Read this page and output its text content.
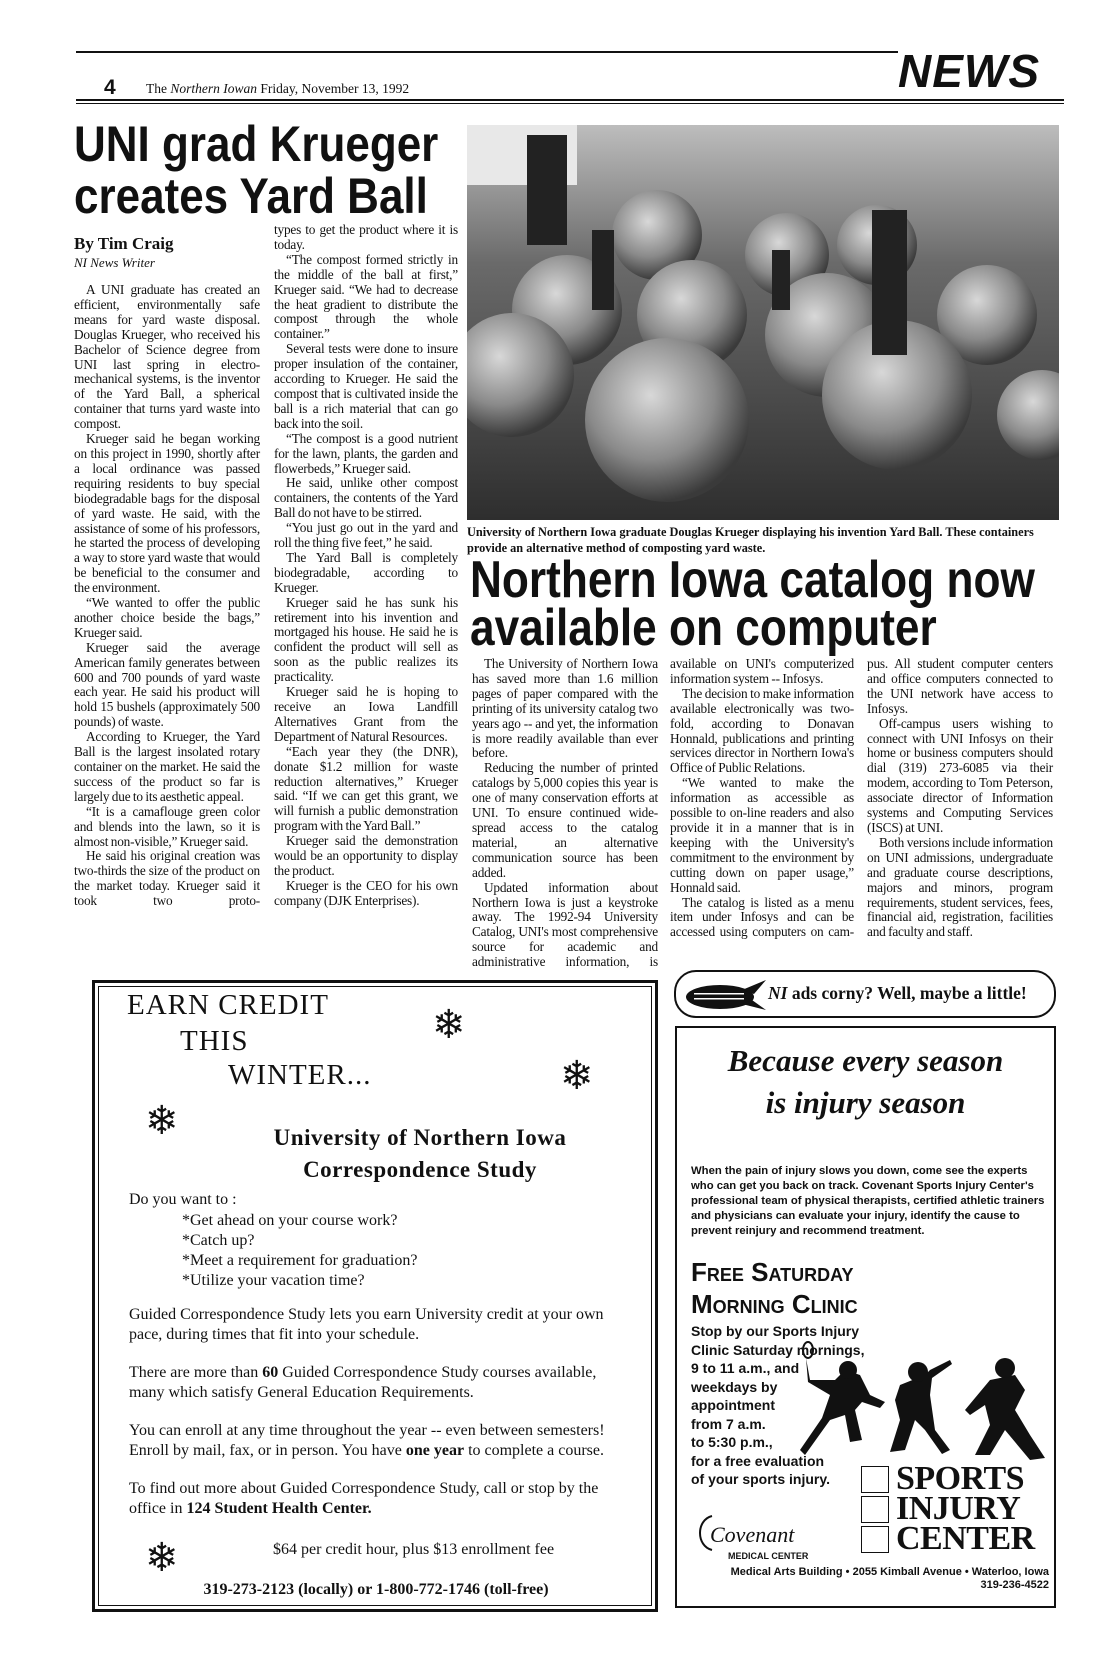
4 The Northern Iowan Friday, November 13, 1992	NEWS
UNI grad Krueger creates Yard Ball
By Tim Craig
NI News Writer

A UNI graduate has created an efficient, environmentally safe means for yard waste disposal. Douglas Krueger, who received his Bachelor of Science degree from UNI last spring in electro-mechanical systems, is the inventor of the Yard Ball, a spherical container that turns yard waste into compost.

Krueger said he began working on this project in 1990, shortly after a local ordinance was passed requiring residents to buy special biodegradable bags for the disposal of yard waste. He said, with the assistance of some of his professors, he started the process of developing a way to store yard waste that would be beneficial to the consumer and the environment.

“We wanted to offer the public another choice beside the bags,” Krueger said.

Krueger said the average American family generates between 600 and 700 pounds of yard waste each year. He said his product will hold 15 bushels (approximately 500 pounds) of waste.

According to Krueger, the Yard Ball is the largest insolated rotary container on the market. He said the success of the product so far is largely due to its aesthetic appeal.

“It is a camaflouge green color and blends into the lawn, so it is almost non-visible,” Krueger said.

He said his original creation was two-thirds the size of the product on the market today. Krueger said it took two proto-

types to get the product where it is today.

“The compost formed strictly in the middle of the ball at first,” Krueger said. “We had to decrease the heat gradient to distribute the compost through the whole container.”

Several tests were done to insure proper insulation of the container, according to Krueger. He said the compost that is cultivated inside the ball is a rich material that can go back into the soil.

“The compost is a good nutrient for the lawn, plants, the garden and flowerbeds,” Krueger said.

He said, unlike other compost containers, the contents of the Yard Ball do not have to be stirred.

“You just go out in the yard and roll the thing five feet,” he said.

The Yard Ball is completely biodegradable, according to Krueger.

Krueger said he has sunk his retirement into his invention and mortgaged his house. He said he is confident the product will sell as soon as the public realizes its practicality.

Krueger said he is hoping to receive an Iowa Landfill Alternatives Grant from the Department of Natural Resources.

“Each year they (the DNR), donate $1.2 million for waste reduction alternatives,” Krueger said. “If we can get this grant, we will furnish a public demonstration program with the Yard Ball.”

Krueger said the demonstration would be an opportunity to display the product.

Krueger is the CEO for his own company (DJK Enterprises).

University of Northern Iowa graduate Douglas Krueger displaying his invention Yard Ball. These containers provide an alternative method of composting yard waste.
Northern Iowa catalog now available on computer

The University of Northern Iowa has saved more than 1.6 million pages of paper compared with the printing of its university catalog two years ago -- and yet, the information is more readily available than ever before.

Reducing the number of printed catalogs by 5,000 copies this year is one of many conservation efforts at UNI. To ensure continued wide-spread access to the catalog material, an alternative communication source has been added.

Updated information about Northern Iowa is just a keystroke away. The 1992-94 University Catalog, UNI's most comprehensive source for academic and administrative information, is

available on UNI's computerized information system -- Infosys.

The decision to make information available electronically was two-fold, according to Donavan Honnald, publications and printing services director in Northern Iowa's Office of Public Relations.

“We wanted to make the information as accessible as possible to on-line readers and also provide it in a manner that is in keeping with the University's commitment to the environment by cutting down on paper usage,” Honnald said.

The catalog is listed as a menu item under Infosys and can be accessed using computers on cam-

pus. All student computer centers and office computers connected to the UNI network have access to Infosys.

Off-campus users wishing to connect with UNI Infosys on their home or business computers should dial (319) 273-6085 via their modem, according to Tom Peterson, associate director of Information systems and Computing Services (ISCS) at UNI.

Both versions include information on UNI admissions, undergraduate and graduate course descriptions, majors and minors, program requirements, student services, fees, financial aid, registration, facilities and faculty and staff.

EARN CREDIT
THIS
WINTER...
❄
❄
❄
❄
University of Northern Iowa
Correspondence Study
Do you want to :
*Get ahead on your course work?
*Catch up?
*Meet a requirement for graduation?
*Utilize your vacation time?
Guided Correspondence Study lets you earn University credit at your own pace, during times that fit into your schedule.
There are more than 60 Guided Correspondence Study courses available, many which satisfy General Education Requirements.
You can enroll at any time throughout the year -- even between semesters! Enroll by mail, fax, or in person. You have one year to complete a course.
To find out more about Guided Correspondence Study, call or stop by the office in 124 Student Health Center.
$64 per credit hour, plus $13 enrollment fee
319-273-2123 (locally) or 1-800-772-1746 (toll-free)
NI ads corny? Well, maybe a little!
Because every season
is injury season
When the pain of injury slows you down, come see the experts who can get you back on track. Covenant Sports Injury Center's professional team of physical therapists, certified athletic trainers and physicians can evaluate your injury, identify the cause to prevent reinjury and recommend treatment.
Free Saturday
Morning Clinic
Stop by our Sports Injury
Clinic Saturday mornings,
9 to 11 a.m., and
weekdays by
appointment
from 7 a.m.
to 5:30 p.m.,
for a free evaluation
of your sports injury.
Covenant
MEDICAL CENTER
SPORTS
INJURY
CENTER
Medical Arts Building • 2055 Kimball Avenue • Waterloo, Iowa
319-236-4522
